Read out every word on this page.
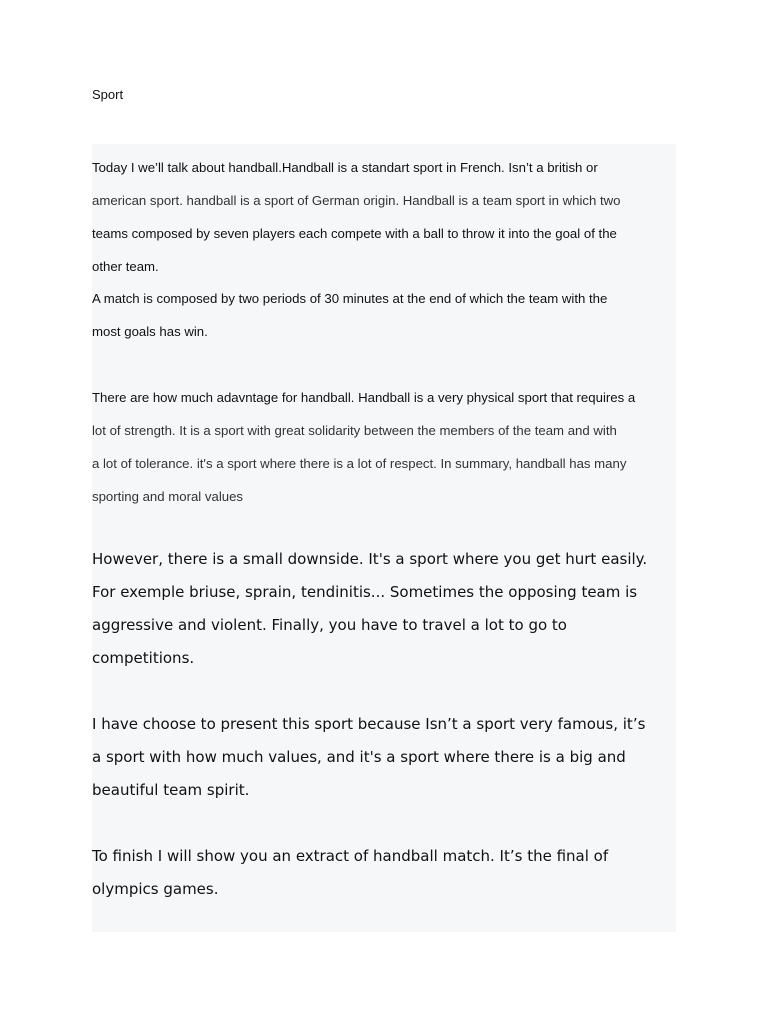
Sport
Today I we’ll talk about handball.Handball is a standart sport in French. Isn’t a british or
american sport. handball is a sport of German origin. Handball is a team sport in which two
teams composed by seven players each compete with a ball to throw it into the goal of the
other team.
A match is composed by two periods of 30 minutes at the end of which the team with the
most goals has win.
There are how much adavntage for handball. Handball is a very physical sport that requires a
lot of strength. It is a sport with great solidarity between the members of the team and with
a lot of tolerance. it's a sport where there is a lot of respect. In summary, handball has many
sporting and moral values
However, there is a small downside. It's a sport where you get hurt easily.
For exemple briuse, sprain, tendinitis... Sometimes the opposing team is
aggressive and violent. Finally, you have to travel a lot to go to
competitions.
I have choose to present this sport because Isn’t a sport very famous, it’s
a sport with how much values, and it's a sport where there is a big and
beautiful team spirit.
To finish I will show you an extract of handball match. It’s the final of
olympics games.
